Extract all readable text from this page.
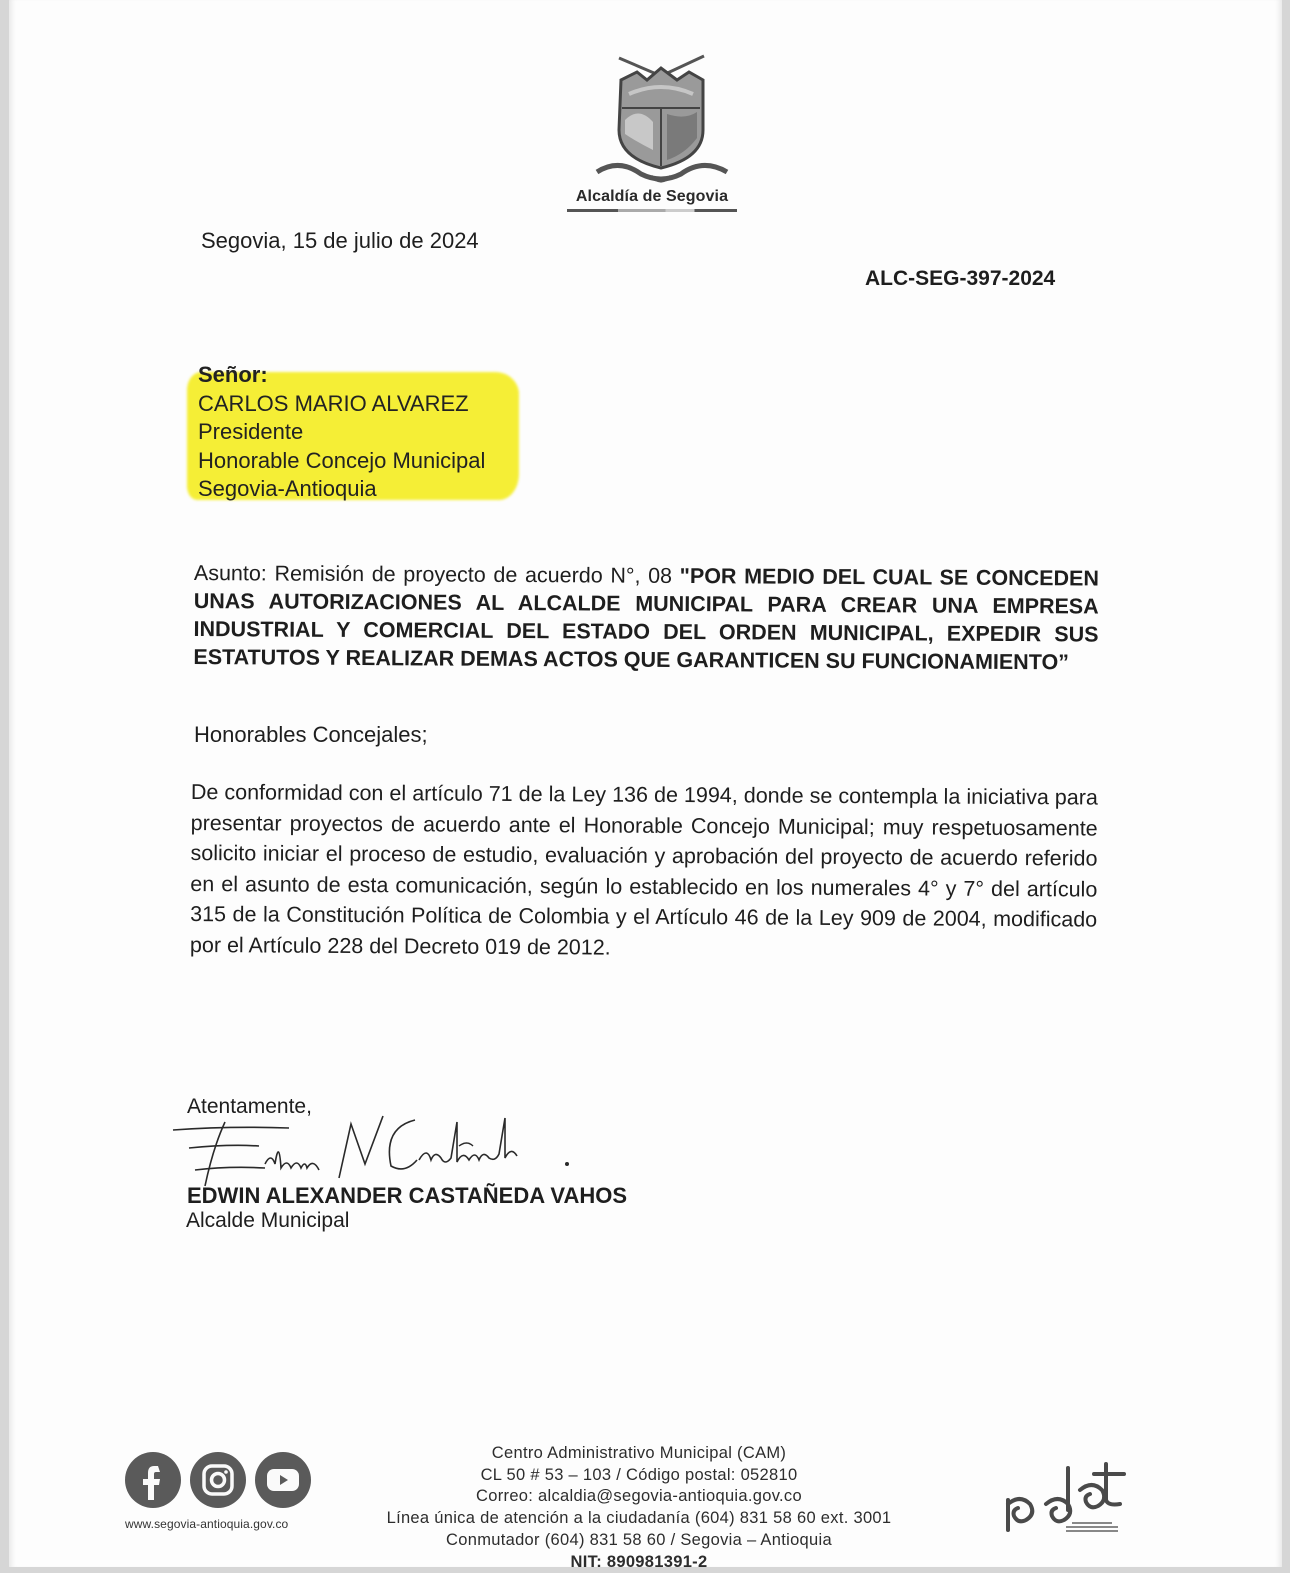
Alcaldía de Segovia
Segovia, 15 de julio de 2024
ALC-SEG-397-2024
Señor:
CARLOS MARIO ALVAREZ
Presidente
Honorable Concejo Municipal
Segovia-Antioquia
Asunto: Remisión de proyecto de acuerdo N°, 08 "POR MEDIO DEL CUAL SE CONCEDEN UNAS AUTORIZACIONES AL ALCALDE MUNICIPAL PARA CREAR UNA EMPRESA INDUSTRIAL Y COMERCIAL DEL ESTADO DEL ORDEN MUNICIPAL, EXPEDIR SUS ESTATUTOS Y REALIZAR DEMAS ACTOS QUE GARANTICEN SU FUNCIONAMIENTO”
Honorables Concejales;
De conformidad con el artículo 71 de la Ley 136 de 1994, donde se contempla la iniciativa para presentar proyectos de acuerdo ante el Honorable Concejo Municipal; muy respetuosamente solicito iniciar el proceso de estudio, evaluación y aprobación del proyecto de acuerdo referido en el asunto de esta comunicación, según lo establecido en los numerales 4° y 7° del artículo 315 de la Constitución Política de Colombia y el Artículo 46 de la Ley 909 de 2004, modificado por el Artículo 228 del Decreto 019 de 2012.
Atentamente,
EDWIN ALEXANDER CASTAÑEDA VAHOS
Alcalde Municipal
www.segovia-antioquia.gov.co
Centro Administrativo Municipal (CAM)
CL 50 # 53 – 103 / Código postal: 052810
Correo: alcaldia@segovia-antioquia.gov.co
Línea única de atención a la ciudadanía (604) 831 58 60 ext. 3001
Conmutador (604) 831 58 60 / Segovia – Antioquia
NIT: 890981391-2
